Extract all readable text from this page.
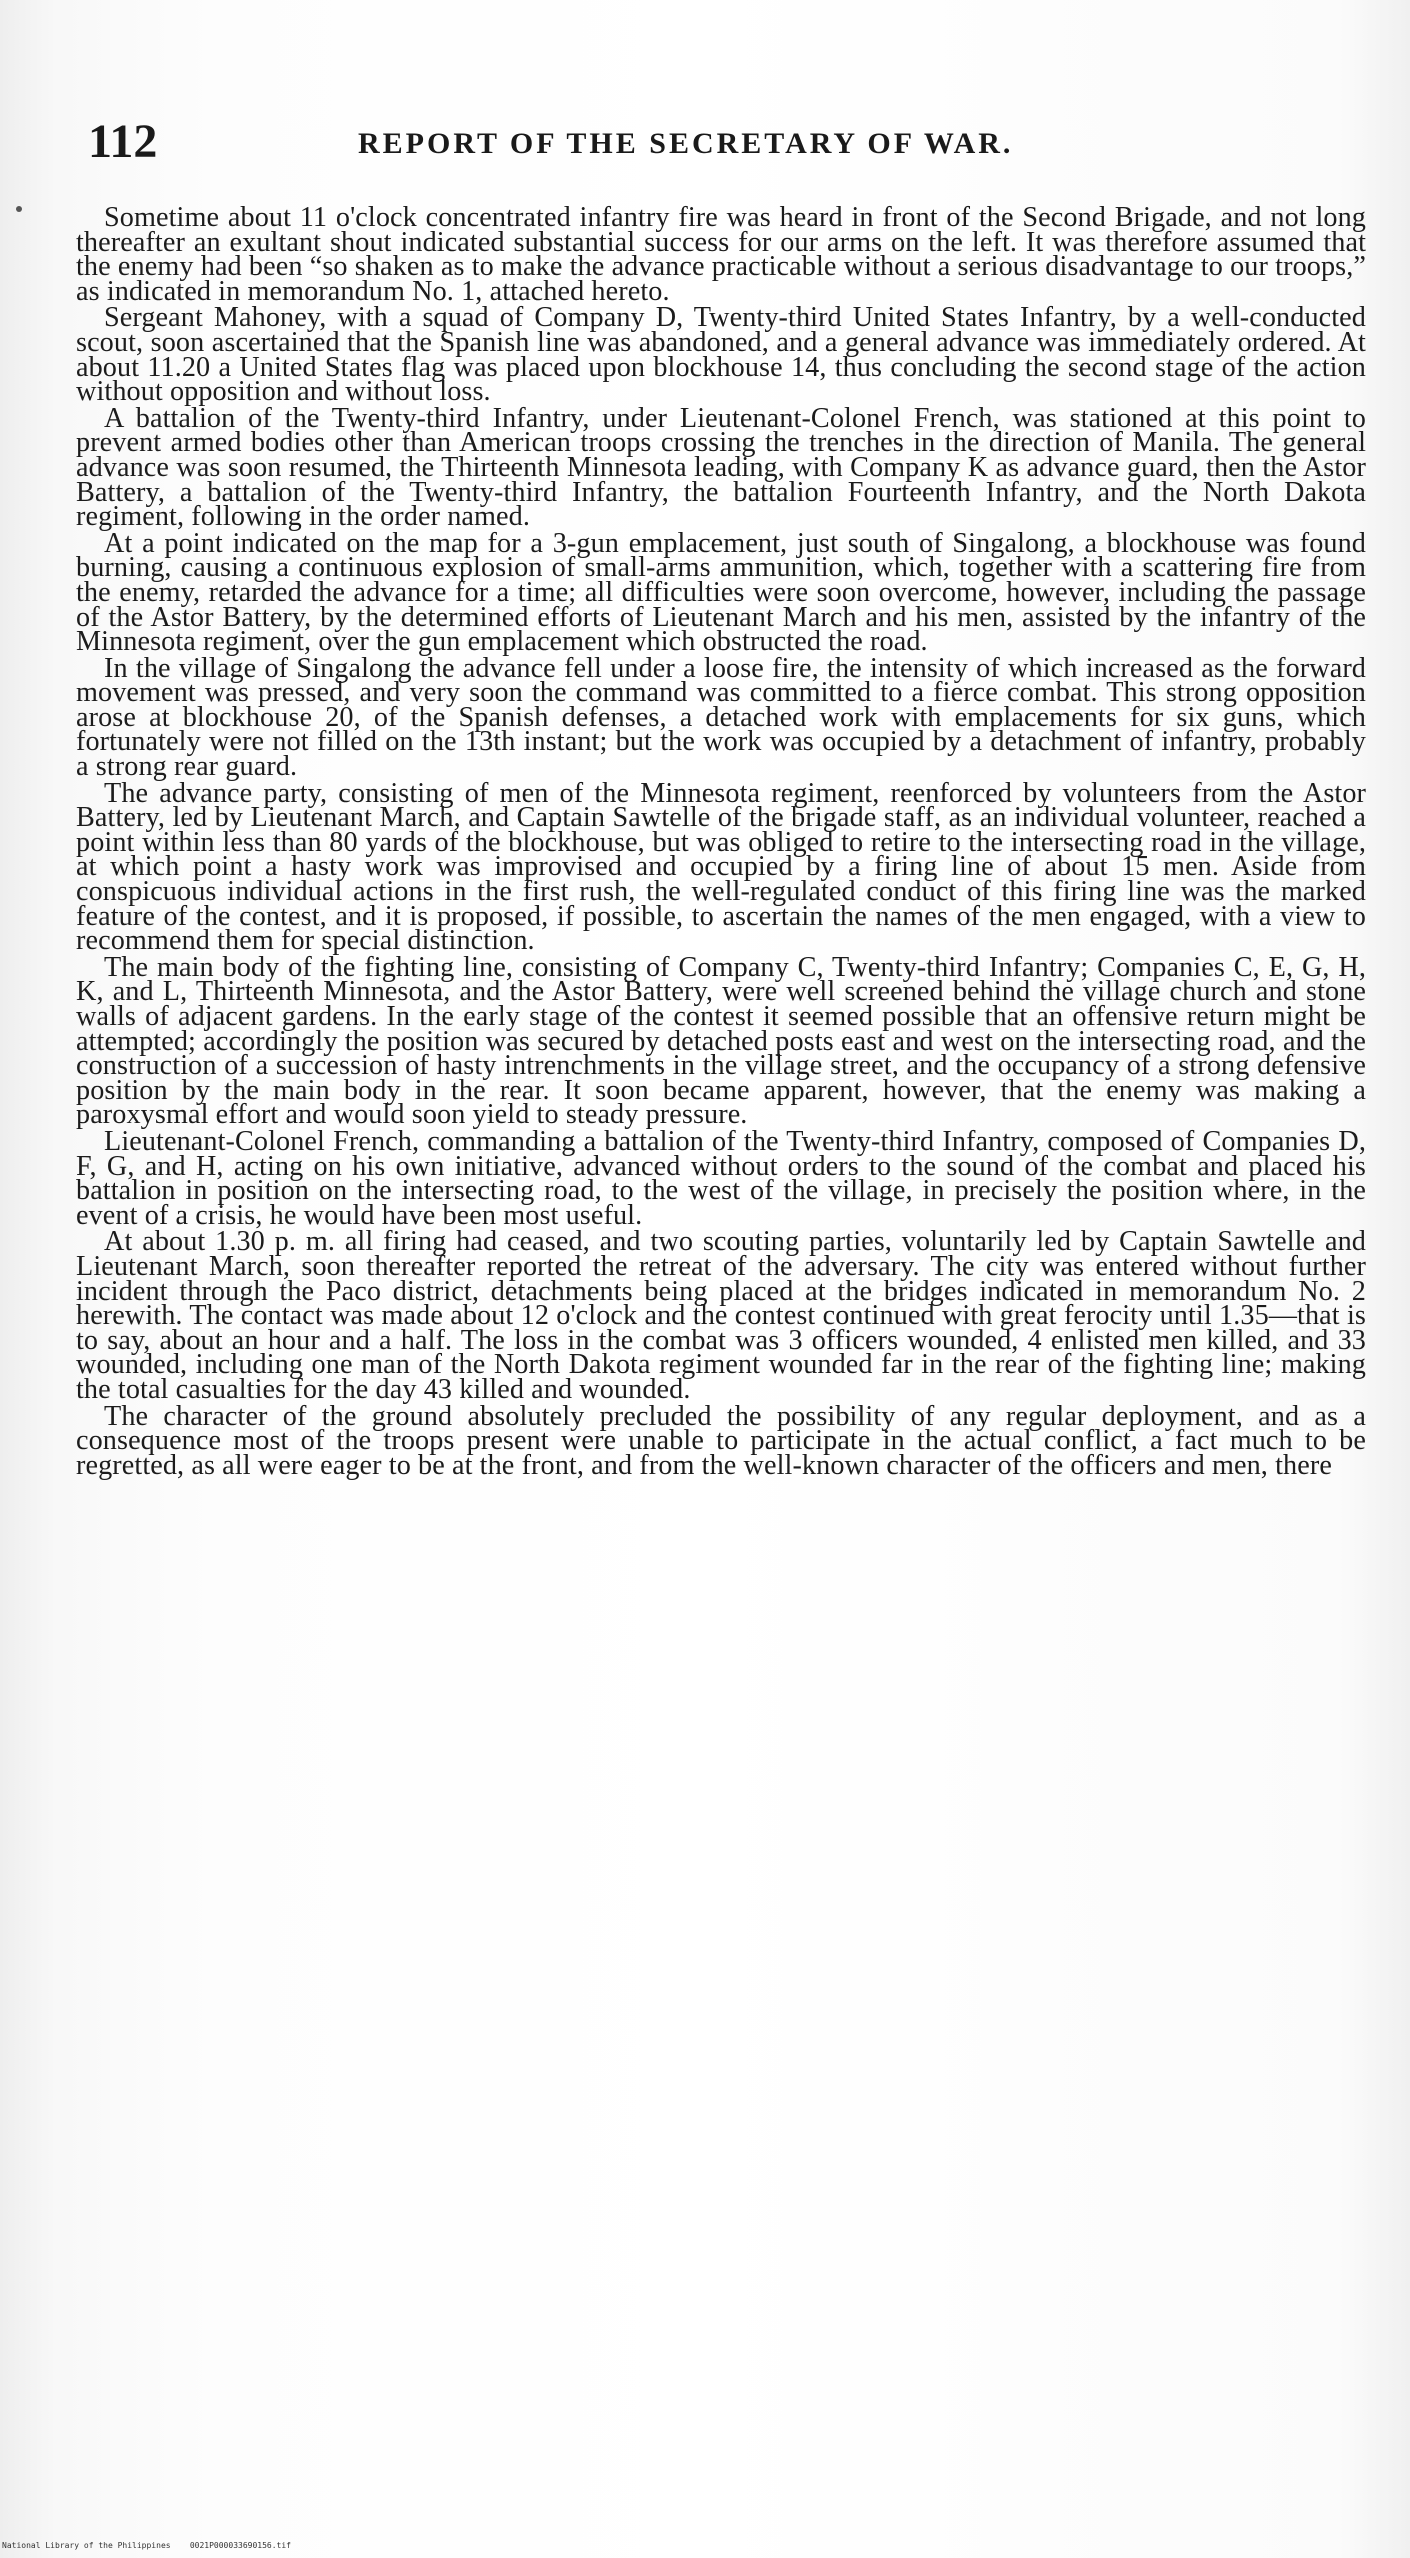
112	REPORT OF THE SECRETARY OF WAR.

Sometime about 11 o'clock concentrated infantry fire was heard in front of the Second Brigade, and not long thereafter an exultant shout indicated substantial success for our arms on the left. It was therefore assumed that the enemy had been “so shaken as to make the advance practicable without a serious disadvantage to our troops,” as indicated in memorandum No. 1, attached hereto.

Sergeant Mahoney, with a squad of Company D, Twenty-third United States Infantry, by a well-conducted scout, soon ascertained that the Spanish line was abandoned, and a general advance was immediately ordered. At about 11.20 a United States flag was placed upon blockhouse 14, thus concluding the second stage of the action without opposition and without loss.

A battalion of the Twenty-third Infantry, under Lieutenant-Colonel French, was stationed at this point to prevent armed bodies other than American troops crossing the trenches in the direction of Manila. The general advance was soon resumed, the Thirteenth Minnesota leading, with Company K as advance guard, then the Astor Battery, a battalion of the Twenty-third Infantry, the battalion Fourteenth Infantry, and the North Dakota regiment, following in the order named.

At a point indicated on the map for a 3-gun emplacement, just south of Singalong, a blockhouse was found burning, causing a continuous explosion of small-arms ammunition, which, together with a scattering fire from the enemy, retarded the advance for a time; all difficulties were soon overcome, however, including the passage of the Astor Battery, by the determined efforts of Lieutenant March and his men, assisted by the infantry of the Minnesota regiment, over the gun emplacement which obstructed the road.

In the village of Singalong the advance fell under a loose fire, the intensity of which increased as the forward movement was pressed, and very soon the command was committed to a fierce combat. This strong opposition arose at blockhouse 20, of the Spanish defenses, a detached work with emplacements for six guns, which fortunately were not filled on the 13th instant; but the work was occupied by a detachment of infantry, probably a strong rear guard.

The advance party, consisting of men of the Minnesota regiment, reenforced by volunteers from the Astor Battery, led by Lieutenant March, and Captain Sawtelle of the brigade staff, as an individual volunteer, reached a point within less than 80 yards of the blockhouse, but was obliged to retire to the intersecting road in the village, at which point a hasty work was improvised and occupied by a firing line of about 15 men. Aside from conspicuous individual actions in the first rush, the well-regulated conduct of this firing line was the marked feature of the contest, and it is proposed, if possible, to ascertain the names of the men engaged, with a view to recommend them for special distinction.

The main body of the fighting line, consisting of Company C, Twenty-third Infantry; Companies C, E, G, H, K, and L, Thirteenth Minnesota, and the Astor Battery, were well screened behind the village church and stone walls of adjacent gardens. In the early stage of the contest it seemed possible that an offensive return might be attempted; accordingly the position was secured by detached posts east and west on the intersecting road, and the construction of a succession of hasty intrenchments in the village street, and the occupancy of a strong defensive position by the main body in the rear. It soon became apparent, however, that the enemy was making a paroxysmal effort and would soon yield to steady pressure.

Lieutenant-Colonel French, commanding a battalion of the Twenty-third Infantry, composed of Companies D, F, G, and H, acting on his own initiative, advanced without orders to the sound of the combat and placed his battalion in position on the intersecting road, to the west of the village, in precisely the position where, in the event of a crisis, he would have been most useful.

At about 1.30 p. m. all firing had ceased, and two scouting parties, voluntarily led by Captain Sawtelle and Lieutenant March, soon thereafter reported the retreat of the adversary. The city was entered without further incident through the Paco district, detachments being placed at the bridges indicated in memorandum No. 2 herewith. The contact was made about 12 o'clock and the contest continued with great ferocity until 1.35—that is to say, about an hour and a half. The loss in the combat was 3 officers wounded, 4 enlisted men killed, and 33 wounded, including one man of the North Dakota regiment wounded far in the rear of the fighting line; making the total casualties for the day 43 killed and wounded.

The character of the ground absolutely precluded the possibility of any regular deployment, and as a consequence most of the troops present were unable to participate in the actual conflict, a fact much to be regretted, as all were eager to be at the front, and from the well-known character of the officers and men, there

National Library of the Philippines    0021P000033690156.tif
